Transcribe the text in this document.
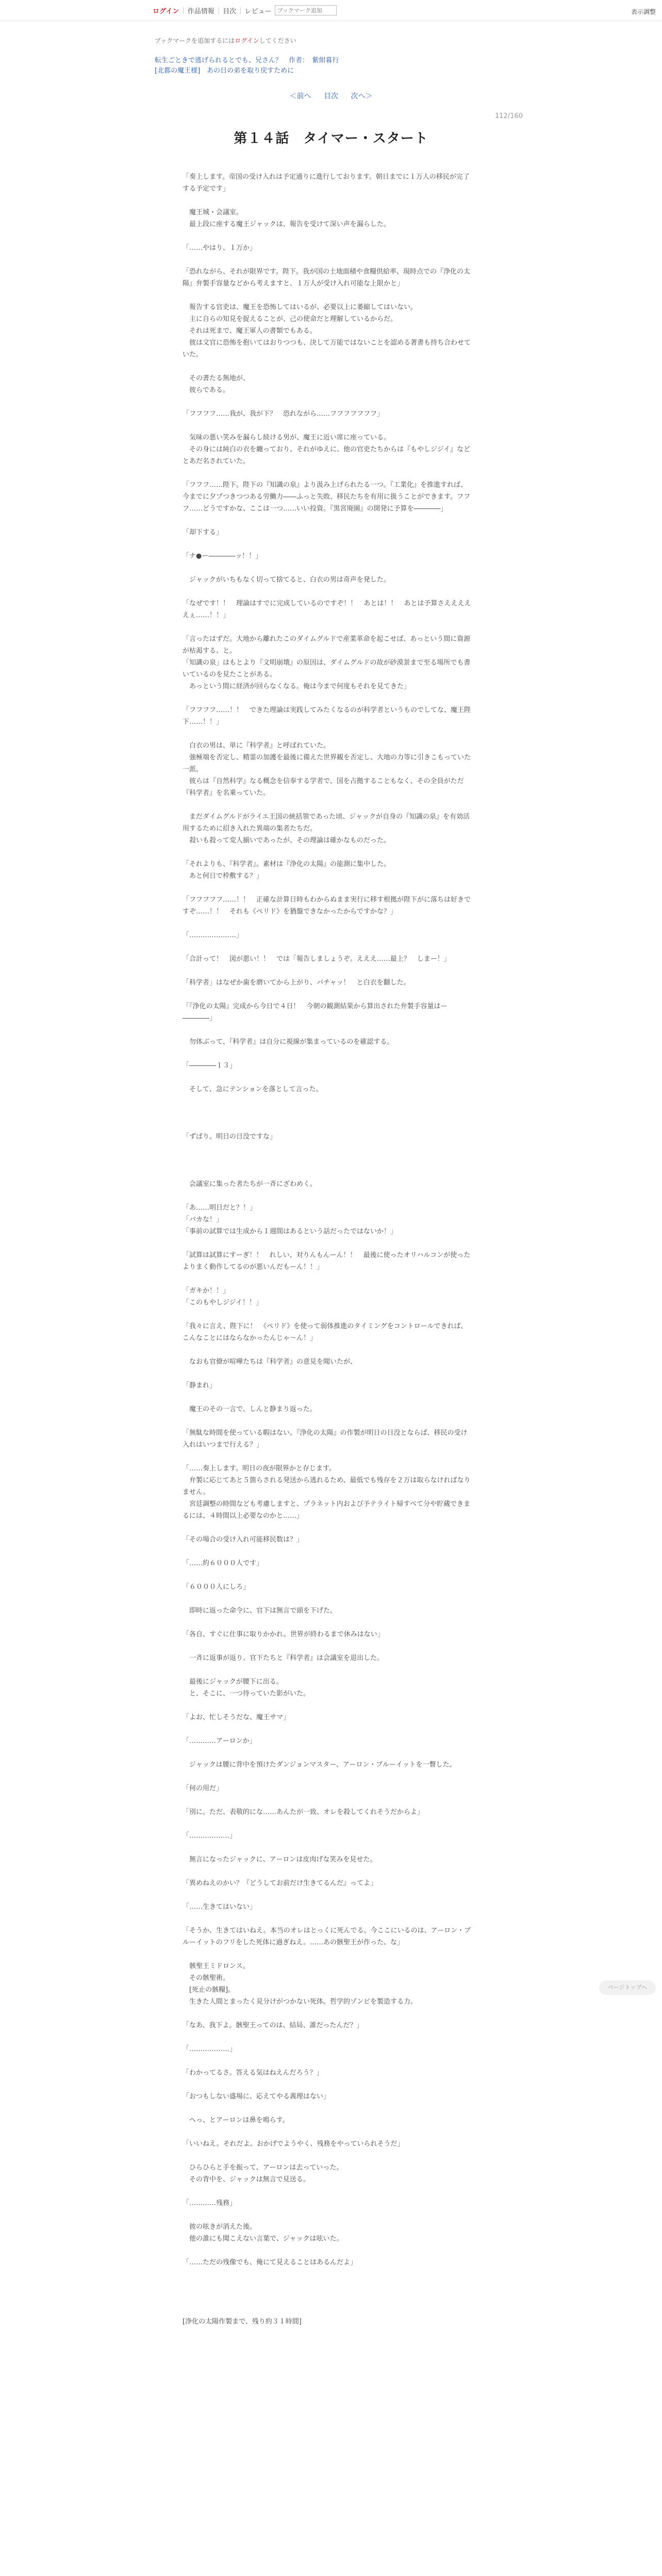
ログイン | 作品情報 | 目次 | レビュー
ブックマーク追加	表示調整
ブックマークを追加するにはログインしてください
転生ごときで逃げられるとでも、兄さん？　作者：　紫紺暮行
[北都の魔王様]　あの日の弟を取り戻すために
＜前へ 目次 次へ＞
112/160
第１４話　タイマー・スタート

「奏上します。帝国の受け入れは予定通りに進行しております。朝日までに１万人の移民が完了する予定です」

　魔王城・会議室。

　最上段に座する魔王ジャックは、報告を受けて深い声を漏らした。

「……やはり、１万か」

「恐れながら、それが限界です。陛下。我が国の土地面積や食糧供給率、現時点での『浄化の太陽』弁製手容量などから考えますと、１万人が受け入れ可能な上限かと」

　報告する官吏は、魔王を恐怖してはいるが、必要以上に萎縮してはいない。

　主に自らの知見を捉えることが、己の使命だと理解しているからだ。

　それは死まで、魔王軍人の書類でもある。

　彼は文官に恐怖を抱いてはおりつつも、決して万能ではないことを認める著書も持ち合わせていた。

　その書たる無地が、

　彼らである。

「フフフフ……我が、我が下？　恐れながら……フフフフフフフ」

　気味の悪い笑みを漏らし続ける男が、魔王に近い席に座っている。

　その身には純白の衣を纏っており、それがゆえに、他の官吏たちからは『もやしジジイ』などとあだ名されていた。

「フフフ……陛下。陛下の『知識の泉』より汲み上げられたる一つ。『工業化』を推進すれば、今までに夕プつきつつある労働力――ふっと失敗、移民たちを有用に扱うことができます。フフフ……どうですかな、ここは一つ……いい投資。『黒宮廃園』の開発に予算を――――」

「却下する」

「ナ●ー――――ッ！！」

　ジャックがいちもなく切って捨てると、白衣の男は奇声を発した。

「なぜです！！　理論はすでに完成しているのですぞ！！　あとは！！　あとは予算さえええええぇ……！！」

「言ったはずだ。大地から離れたこのダイムグルドで産業革命を起こせば、あっという間に資源が枯渇する、と。

「知識の泉」はもとより『文明崩壊』の原因は、ダイムグルドの故が砂漠景まで至る場所でも書いているのを見たことがある。

　あっという間に経済が回らなくなる。俺は今まで何度もそれを見てきた」

「フフフフ……！！　できた理論は実践してみたくなるのが科学者というものでしてな、魔王陛下……！！」

　白衣の男は、単に『科学者』と呼ばれていた。

　強極端を否定し、精霊の加護を最後に備えた世界観を否定し、大地の力等に引きこもっていた一派。

　彼らは『自然科学』なる概念を信奉する学者で、国を占拠することもなく、その全員がただ『科学者』を名乗っていた。

　まだダイムグルドがライエ王国の統括領であった頃、ジャックが自身の『知識の泉』を有効活用するために招き入れた異端の集者たちだ。

　殺いも殺って変人揃いであったが、その理論は確かなものだった。

「それよりも、『科学者』。素材は『浄化の太陽』の能測に集中した。

　あと何日で枠敷する？」

「フフフフフ……！！　正確な計算日時もわからぬまま実行に移す根拠が陛下がに落ちは好きですぞ……！！　それも《ペリド》を猶盤できなかったからですかな？」

「…………………」

「合計って！　図が悪い！！　では「報告しましょうぞ。えええ……最上？　しまー！」

「科学者」はなぜか歯を磨いてから上がり、パチャッ！　と白衣を翻した。

「『浄化の太陽』完成から今日で４日！　今朝の観測結果から算出された弁製手容量はー――――」

　勿体ぶって、『科学者』は自分に視線が集まっているのを確認する。

「――――１３」

　そして、急にテンションを落として言った。

「ずばり。明日の日没ですな」

　会議室に集った者たちが一斉にざわめく。

「あ……明日だと？！」

「バカな！」

「事前の試算では生成から１週間はあるという話だったではないか！」

「試算は試算にすーぎ！！　れしい、対りんもんーん！！　最後に使ったオリハルコンが使ったよりまく動作してるのが悪いんだもーん！！」

「ガキか！！」

「このもやしジジイ！！」

「我々に言え、陛下に！　《ペリド》を使って弱体推進のタイミングをコントロールできれば、こんなことにはならなかったんじゃ～ん！」

　なおも官僚が喧嘩たちは『科学者』の意見を聞いたが、

「静まれ」

　魔王のその一言で、しんと静まり返った。

「無駄な時間を使っている暇はない。『浄化の太陽』の作製が明日の日没とならば、移民の受け入れはいつまで行える？」

「……奏上します。明日の夜が限界かと存じます。

　弁製に応じてあと５箇らされる発送から逃れるため、最低でも残存を２万は取らなければなりません。

　宮廷調整の時間なども考慮しますと、プラネット内および予テライト帰すべて分や貯蔵できまるには、４時間以上必要なのかと……」

「その場合の受け入れ可能移民数は？」

「……約６０００人です」

「６０００人にしろ」

　即時に返った命令に、官下は無言で頭を下げた。

「各自、すぐに仕事に取りかかれ。世界が終わるまで休みはない」

　一斉に返事が返り、官下たちと『科学者』は会議室を退出した。

　最後にジャックが腰下に出る。

　と、そこに、一つ待っていた影がいた。

「よお、忙しそうだな、魔王サマ」

「…………アーロンか」

　ジャックは腰に背中を預けたダンジョンマスター、アーロン・ブルーイットを一瞥した。

「何の用だ」

「別に。ただ、表敬的にな……あんたが一致、オレを殺してくれそうだからよ」

「………………」

　無言になったジャックに、アーロンは皮肉げな笑みを見せた。

「異めねえのかい？『どうしてお前だけ生きてるんだ』ってよ」

「……生きてはいない」

「そうか、生きてはいねえ。本当のオレはとっくに死んでる。今ここにいるのは、アーロン・ブルーイットのフリをした死体に過ぎねえ。……あの骸聖王が作った、な」

　骸聖王ミドロンス。

　その骸聖術。

　[死止の骸糧]。

　生きた人間とまったく見分けがつかない死体。哲学的ゾンビを製造する力。

「なあ、我下よ。骸聖王ってのは、結局、誰だったんだ？」

「………………」

「わかってるさ。答える気はねえんだろう？」

「おつもしない盛場に、応えてやる義理はない」

　へっ、とアーロンは鼻を鳴らす。

「いいねえ。それだよ。おかげでようやく、残務をやっていられそうだ」

　ひらひらと手を振って、アーロンは去っていった。

　その背中を、ジャックは無言で見送る。

「…………残務」

　彼の呟きが消えた後。

　他の誰にも聞こえない言葉で、ジャックは呟いた。

「……ただの残像でも、俺にて見えることはあるんだよ」

[浄化の太陽作製まで、残り約３１時間]

ページトップへ
